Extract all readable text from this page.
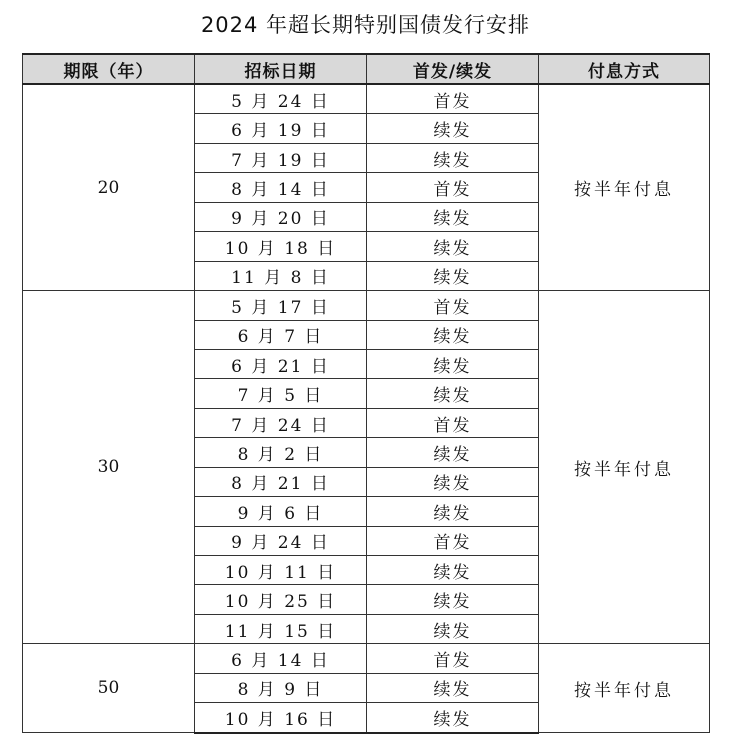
2024 年超长期特别国债发行安排
期限（年）	招标日期	首发/续发	付息方式
20	5 月 24 日	首发	按半年付息
	6 月 19 日	续发	
	7 月 19 日	续发	
	8 月 14 日	首发	
	9 月 20 日	续发	
	10 月 18 日	续发	
	11 月 8 日	续发	
30	5 月 17 日	首发	按半年付息
	6 月 7 日	续发	
	6 月 21 日	续发	
	7 月 5 日	续发	
	7 月 24 日	首发	
	8 月 2 日	续发	
	8 月 21 日	续发	
	9 月 6 日	续发	
	9 月 24 日	首发	
	10 月 11 日	续发	
	10 月 25 日	续发	
	11 月 15 日	续发	
50	6 月 14 日	首发	按半年付息
	8 月 9 日	续发	
	10 月 16 日	续发	
